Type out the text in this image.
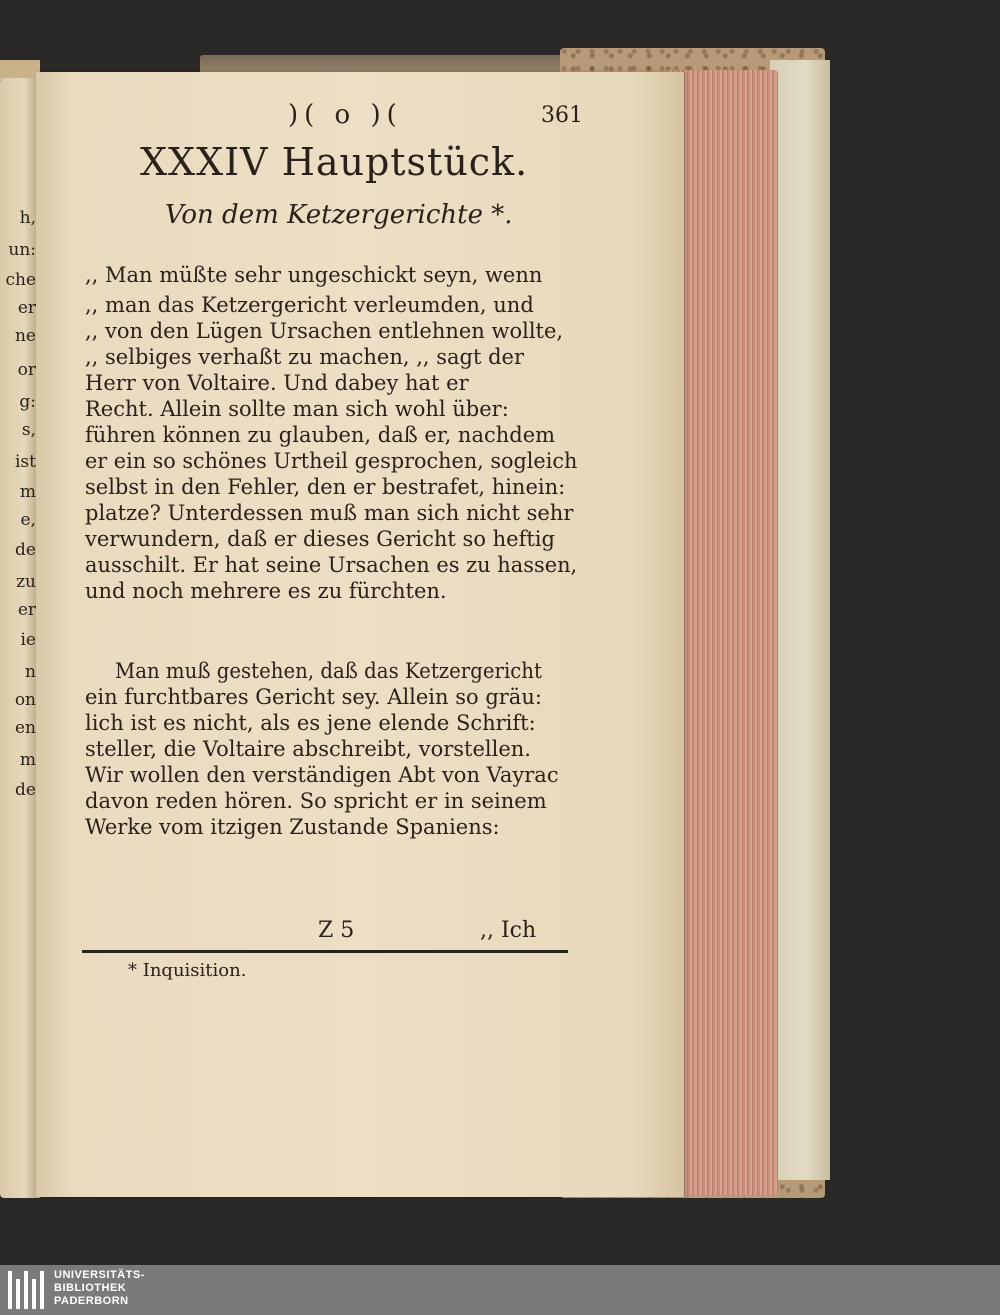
h,
un:
che
er
ne
or
g:
s,
ist
m
e,
de
zu
er
ie
n
on
en
m
de
)( o )(	361
XXXIV Hauptstück.
Von dem Ketzergerichte *.
,, Man müßte sehr ungeschickt seyn, wenn
,, man das Ketzergericht verleumden, und
,, von den Lügen Ursachen entlehnen wollte,
,, selbiges verhaßt zu machen, ,, sagt der
Herr von Voltaire. Und dabey hat er
Recht. Allein sollte man sich wohl über:
führen können zu glauben, daß er, nachdem
er ein so schönes Urtheil gesprochen, sogleich
selbst in den Fehler, den er bestrafet, hinein:
platze? Unterdessen muß man sich nicht sehr
verwundern, daß er dieses Gericht so heftig
ausschilt. Er hat seine Ursachen es zu hassen,
und noch mehrere es zu fürchten.
Man muß gestehen, daß das Ketzergericht
ein furchtbares Gericht sey. Allein so gräu:
lich ist es nicht, als es jene elende Schrift:
steller, die Voltaire abschreibt, vorstellen.
Wir wollen den verständigen Abt von Vayrac
davon reden hören. So spricht er in seinem
Werke vom itzigen Zustande Spaniens:
Z 5	,, Ich
* Inquisition.
UNIVERSITÄTS-
BIBLIOTHEK
PADERBORN
